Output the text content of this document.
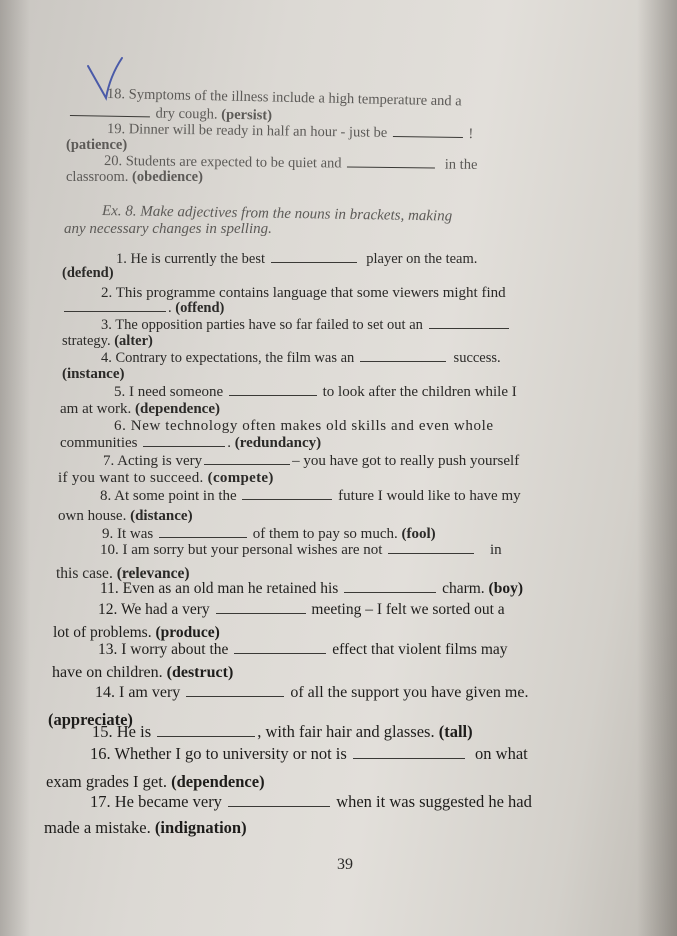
18. Symptoms of the illness include a high temperature and a
dry cough. (persist)
19. Dinner will be ready in half an hour - just be	!
(patience)
20. Students are expected to be quiet and	in the
classroom. (obedience)
Ex. 8. Make adjectives from the nouns in brackets, making
any necessary changes in spelling.
1. He is currently the best	player on the team.
(defend)
2. This programme contains language that some viewers might find
. (offend)
3. The opposition parties have so far failed to set out an
strategy. (alter)
4. Contrary to expectations, the film was an	success.
(instance)
5. I need someone	to look after the children while I
am at work. (dependence)
6. New technology often makes old skills and even whole
communities	. (redundancy)
7. Acting is very	– you have got to really push yourself
if you want to succeed. (compete)
8. At some point in the	future I would like to have my
own house. (distance)
9. It was	of them to pay so much. (fool)
10. I am sorry but your personal wishes are not	in
this case. (relevance)
11. Even as an old man he retained his	charm. (boy)
12. We had a very	meeting – I felt we sorted out a
lot of problems. (produce)
13. I worry about the	effect that violent films may
have on children. (destruct)
14. I am very	of all the support you have given me.
(appreciate)
15. He is	, with fair hair and glasses. (tall)
16. Whether I go to university or not is	on what
exam grades I get. (dependence)
17. He became very	when it was suggested he had
made a mistake. (indignation)
39
